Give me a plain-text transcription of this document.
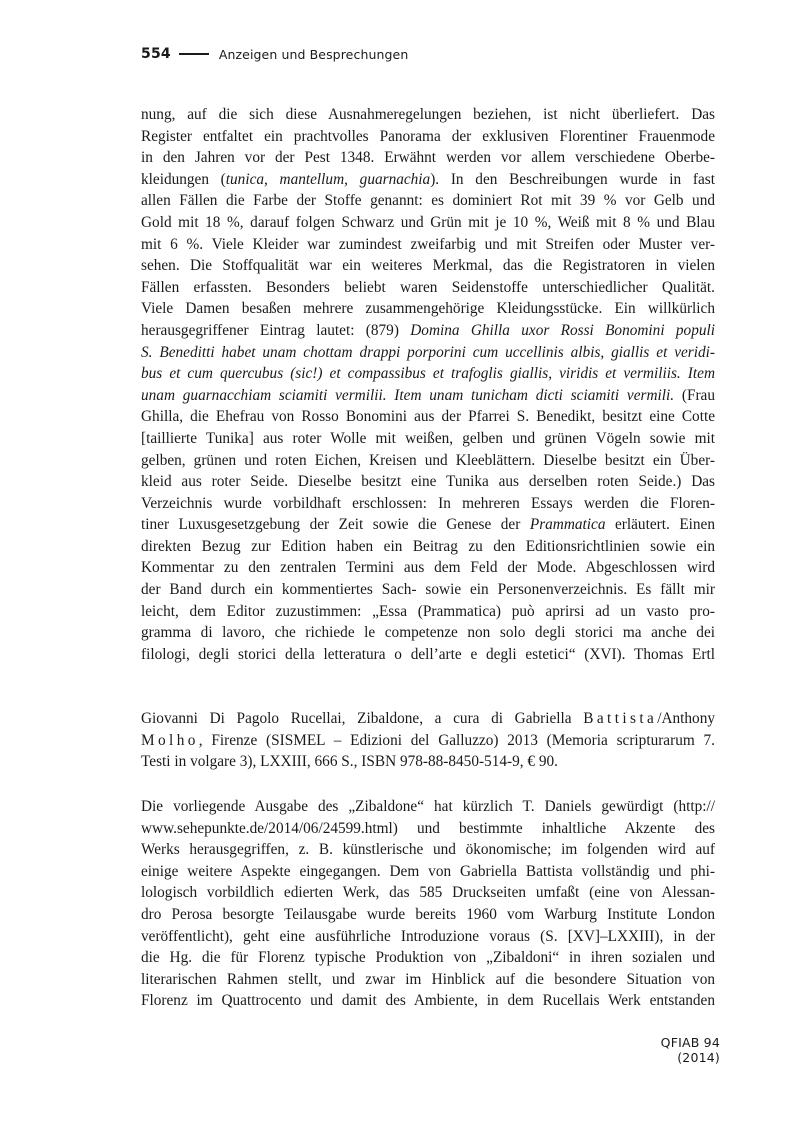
554	Anzeigen und Besprechungen
nung, auf die sich diese Ausnahmeregelungen beziehen, ist nicht überliefert. Das
Register entfaltet ein prachtvolles Panorama der exklusiven Florentiner Frauenmode
in den Jahren vor der Pest 1348. Erwähnt werden vor allem verschiedene Oberbe-
kleidungen (tunica, mantellum, guarnachia). In den Beschreibungen wurde in fast
allen Fällen die Farbe der Stoffe genannt: es dominiert Rot mit 39 % vor Gelb und
Gold mit 18 %, darauf folgen Schwarz und Grün mit je 10 %, Weiß mit 8 % und Blau
mit 6 %. Viele Kleider war zumindest zweifarbig und mit Streifen oder Muster ver-
sehen. Die Stoffqualität war ein weiteres Merkmal, das die Registratoren in vielen
Fällen erfassten. Besonders beliebt waren Seidenstoffe unterschiedlicher Qualität.
Viele Damen besaßen mehrere zusammengehörige Kleidungsstücke. Ein willkürlich
herausgegriffener Eintrag lautet: (879) Domina Ghilla uxor Rossi Bonomini populi
S. Beneditti habet unam chottam drappi porporini cum uccellinis albis, giallis et veridi-
bus et cum quercubus (sic!) et compassibus et trafoglis giallis, viridis et vermiliis. Item
unam guarnacchiam sciamiti vermilii. Item unam tunicham dicti sciamiti vermili. (Frau
Ghilla, die Ehefrau von Rosso Bonomini aus der Pfarrei S. Benedikt, besitzt eine Cotte
[taillierte Tunika] aus roter Wolle mit weißen, gelben und grünen Vögeln sowie mit
gelben, grünen und roten Eichen, Kreisen und Kleeblättern. Dieselbe besitzt ein Über-
kleid aus roter Seide. Dieselbe besitzt eine Tunika aus derselben roten Seide.) Das
Verzeichnis wurde vorbildhaft erschlossen: In mehreren Essays werden die Floren-
tiner Luxusgesetzgebung der Zeit sowie die Genese der Prammatica erläutert. Einen
direkten Bezug zur Edition haben ein Beitrag zu den Editionsrichtlinien sowie ein
Kommentar zu den zentralen Termini aus dem Feld der Mode. Abgeschlossen wird
der Band durch ein kommentiertes Sach- sowie ein Personenverzeichnis. Es fällt mir
leicht, dem Editor zuzustimmen: „Essa (Prammatica) può aprirsi ad un vasto pro-
gramma di lavoro, che richiede le competenze non solo degli storici ma anche dei
filologi, degli storici della letteratura o dell’arte e degli estetici“ (XVI). Thomas Ertl
Giovanni Di Pagolo Rucellai, Zibaldone, a cura di Gabriella Battista/Anthony
Molho, Firenze (SISMEL – Edizioni del Galluzzo) 2013 (Memoria scripturarum 7.
Testi in volgare 3), LXXIII, 666 S., ISBN 978-88-8450-514-9, € 90.
Die vorliegende Ausgabe des „Zibaldone“ hat kürzlich T. Daniels gewürdigt (http://
www.sehepunkte.de/2014/06/24599.html) und bestimmte inhaltliche Akzente des
Werks herausgegriffen, z. B. künstlerische und ökonomische; im folgenden wird auf
einige weitere Aspekte eingegangen. Dem von Gabriella Battista vollständig und phi-
lologisch vorbildlich edierten Werk, das 585 Druckseiten umfaßt (eine von Alessan-
dro Perosa besorgte Teilausgabe wurde bereits 1960 vom Warburg Institute London
veröffentlicht), geht eine ausführliche Introduzione voraus (S. [XV]–LXXIII), in der
die Hg. die für Florenz typische Produktion von „Zibaldoni“ in ihren sozialen und
literarischen Rahmen stellt, und zwar im Hinblick auf die besondere Situation von
Florenz im Quattrocento und damit des Ambiente, in dem Rucellais Werk entstanden
QFIAB 94 (2014)
